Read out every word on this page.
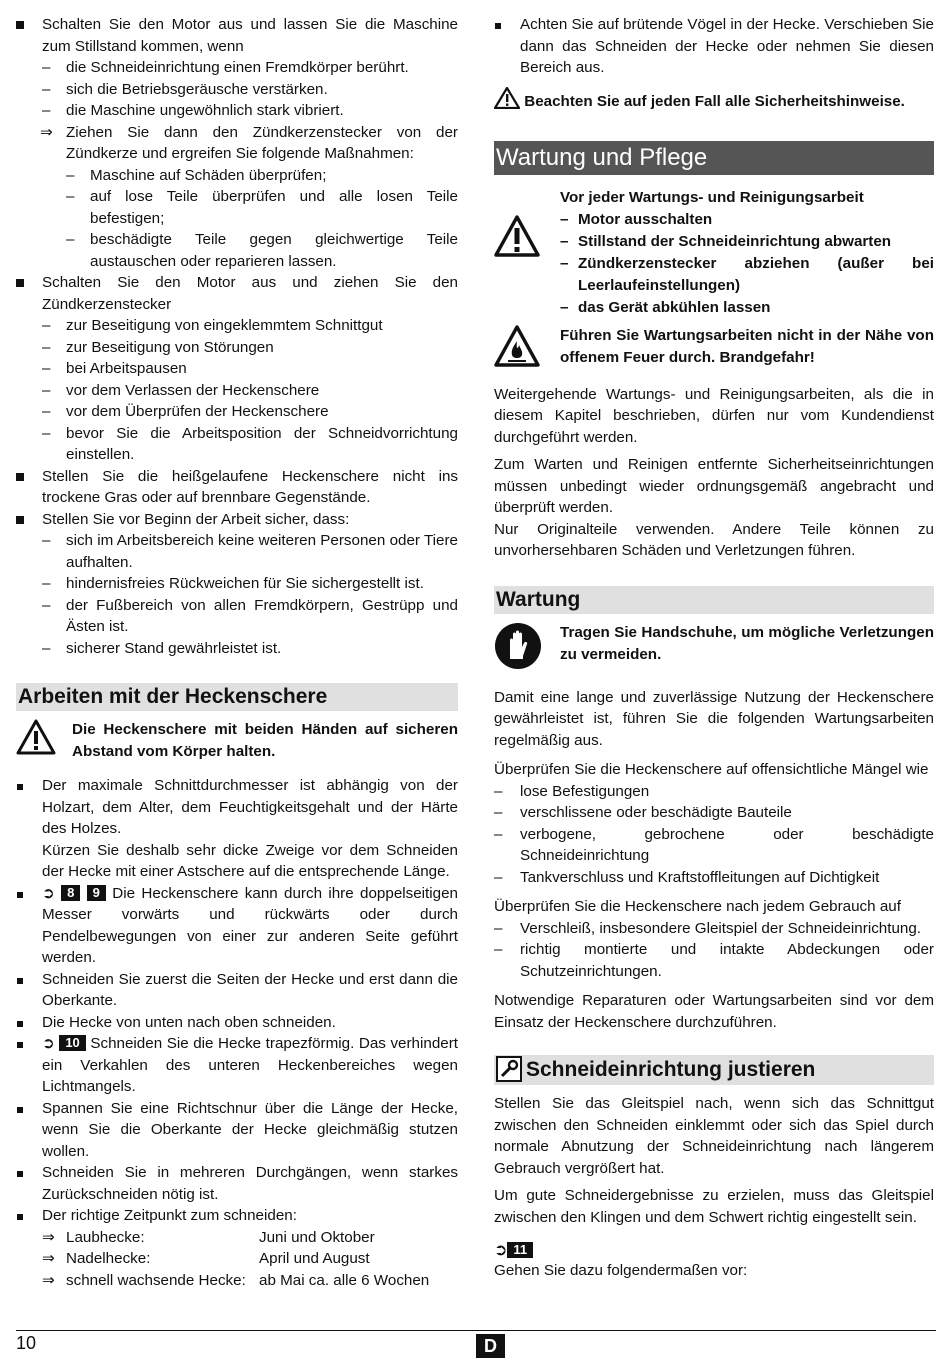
Schalten Sie den Motor aus und lassen Sie die Maschine zum Stillstand kommen, wenn
– die Schneideinrichtung einen Fremdkörper berührt.
– sich die Betriebsgeräusche verstärken.
– die Maschine ungewöhnlich stark vibriert.
⇒ Ziehen Sie dann den Zündkerzenstecker von der Zündkerze und ergreifen Sie folgende Maßnahmen:
– Maschine auf Schäden überprüfen;
– auf lose Teile überprüfen und alle losen Teile befestigen;
– beschädigte Teile gegen gleichwertige Teile austauschen oder reparieren lassen.
Schalten Sie den Motor aus und ziehen Sie den Zündkerzenstecker
– zur Beseitigung von eingeklemmtem Schnittgut
– zur Beseitigung von Störungen
– bei Arbeitspausen
– vor dem Verlassen der Heckenschere
– vor dem Überprüfen der Heckenschere
– bevor Sie die Arbeitsposition der Schneidvorrichtung einstellen.
Stellen Sie die heißgelaufene Heckenschere nicht ins trockene Gras oder auf brennbare Gegenstände.
Stellen Sie vor Beginn der Arbeit sicher, dass:
– sich im Arbeitsbereich keine weiteren Personen oder Tiere aufhalten.
– hindernisfreies Rückweichen für Sie sichergestellt ist.
– der Fußbereich von allen Fremdkörpern, Gestrüpp und Ästen ist.
– sicherer Stand gewährleistet ist.
Arbeiten mit der Heckenschere
Die Heckenschere mit beiden Händen auf sicheren Abstand vom Körper halten.
Der maximale Schnittdurchmesser ist abhängig von der Holzart, dem Alter, dem Feuchtigkeitsgehalt und der Härte des Holzes.
Kürzen Sie deshalb sehr dicke Zweige vor dem Schneiden der Hecke mit einer Astschere auf die entsprechende Länge.
➲ 8 9 Die Heckenschere kann durch ihre doppelseitigen Messer vorwärts und rückwärts oder durch Pendelbewegungen von einer zur anderen Seite geführt werden.
Schneiden Sie zuerst die Seiten der Hecke und erst dann die Oberkante.
Die Hecke von unten nach oben schneiden.
➲ 10 Schneiden Sie die Hecke trapezförmig. Das verhindert ein Verkahlen des unteren Heckenbereiches wegen Lichtmangels.
Spannen Sie eine Richtschnur über die Länge der Hecke, wenn Sie die Oberkante der Hecke gleichmäßig stutzen wollen.
Schneiden Sie in mehreren Durchgängen, wenn starkes Zurückschneiden nötig ist.
Der richtige Zeitpunkt zum schneiden:
⇒ Laubhecke:	Juni und Oktober
⇒ Nadelhecke:	April und August
⇒ schnell wachsende Hecke: ab Mai ca. alle 6 Wochen
Achten Sie auf brütende Vögel in der Hecke. Verschieben Sie dann das Schneiden der Hecke oder nehmen Sie diesen Bereich aus.
Beachten Sie auf jeden Fall alle Sicherheitshinweise.
Wartung und Pflege
Vor jeder Wartungs- und Reinigungsarbeit
– Motor ausschalten
– Stillstand der Schneideinrichtung abwarten
– Zündkerzenstecker abziehen (außer bei Leerlaufeinstellungen)
– das Gerät abkühlen lassen
Führen Sie Wartungsarbeiten nicht in der Nähe von offenem Feuer durch. Brandgefahr!

Weitergehende Wartungs- und Reinigungsarbeiten, als die in diesem Kapitel beschrieben, dürfen nur vom Kundendienst durchgeführt werden.

Zum Warten und Reinigen entfernte Sicherheitseinrichtungen müssen unbedingt wieder ordnungsgemäß angebracht und überprüft werden.

Nur Originalteile verwenden. Andere Teile können zu unvorhersehbaren Schäden und Verletzungen führen.

Wartung
Tragen Sie Handschuhe, um mögliche Verletzungen zu vermeiden.

Damit eine lange und zuverlässige Nutzung der Heckenschere gewährleistet ist, führen Sie die folgenden Wartungsarbeiten regelmäßig aus.

Überprüfen Sie die Heckenschere auf offensichtliche Mängel wie

–	lose Befestigungen
–	verschlissene oder beschädigte Bauteile
–	verbogene, gebrochene oder beschädigte Schneideinrichtung
–	Tankverschluss und Kraftstoffleitungen auf Dichtigkeit

Überprüfen Sie die Heckenschere nach jedem Gebrauch auf

–	Verschleiß, insbesondere Gleitspiel der Schneideinrichtung.
–	richtig montierte und intakte Abdeckungen oder Schutzeinrichtungen.

Notwendige Reparaturen oder Wartungsarbeiten sind vor dem Einsatz der Heckenschere durchzuführen.

Schneideinrichtung justieren

Stellen Sie das Gleitspiel nach, wenn sich das Schnittgut zwischen den Schneiden einklemmt oder sich das Spiel durch normale Abnutzung der Schneideinrichtung nach längerem Gebrauch vergrößert hat.

Um gute Schneidergebnisse zu erzielen, muss das Gleitspiel zwischen den Klingen und dem Schwert richtig eingestellt sein.

➲ 11

Gehen Sie dazu folgendermaßen vor:

10	D
